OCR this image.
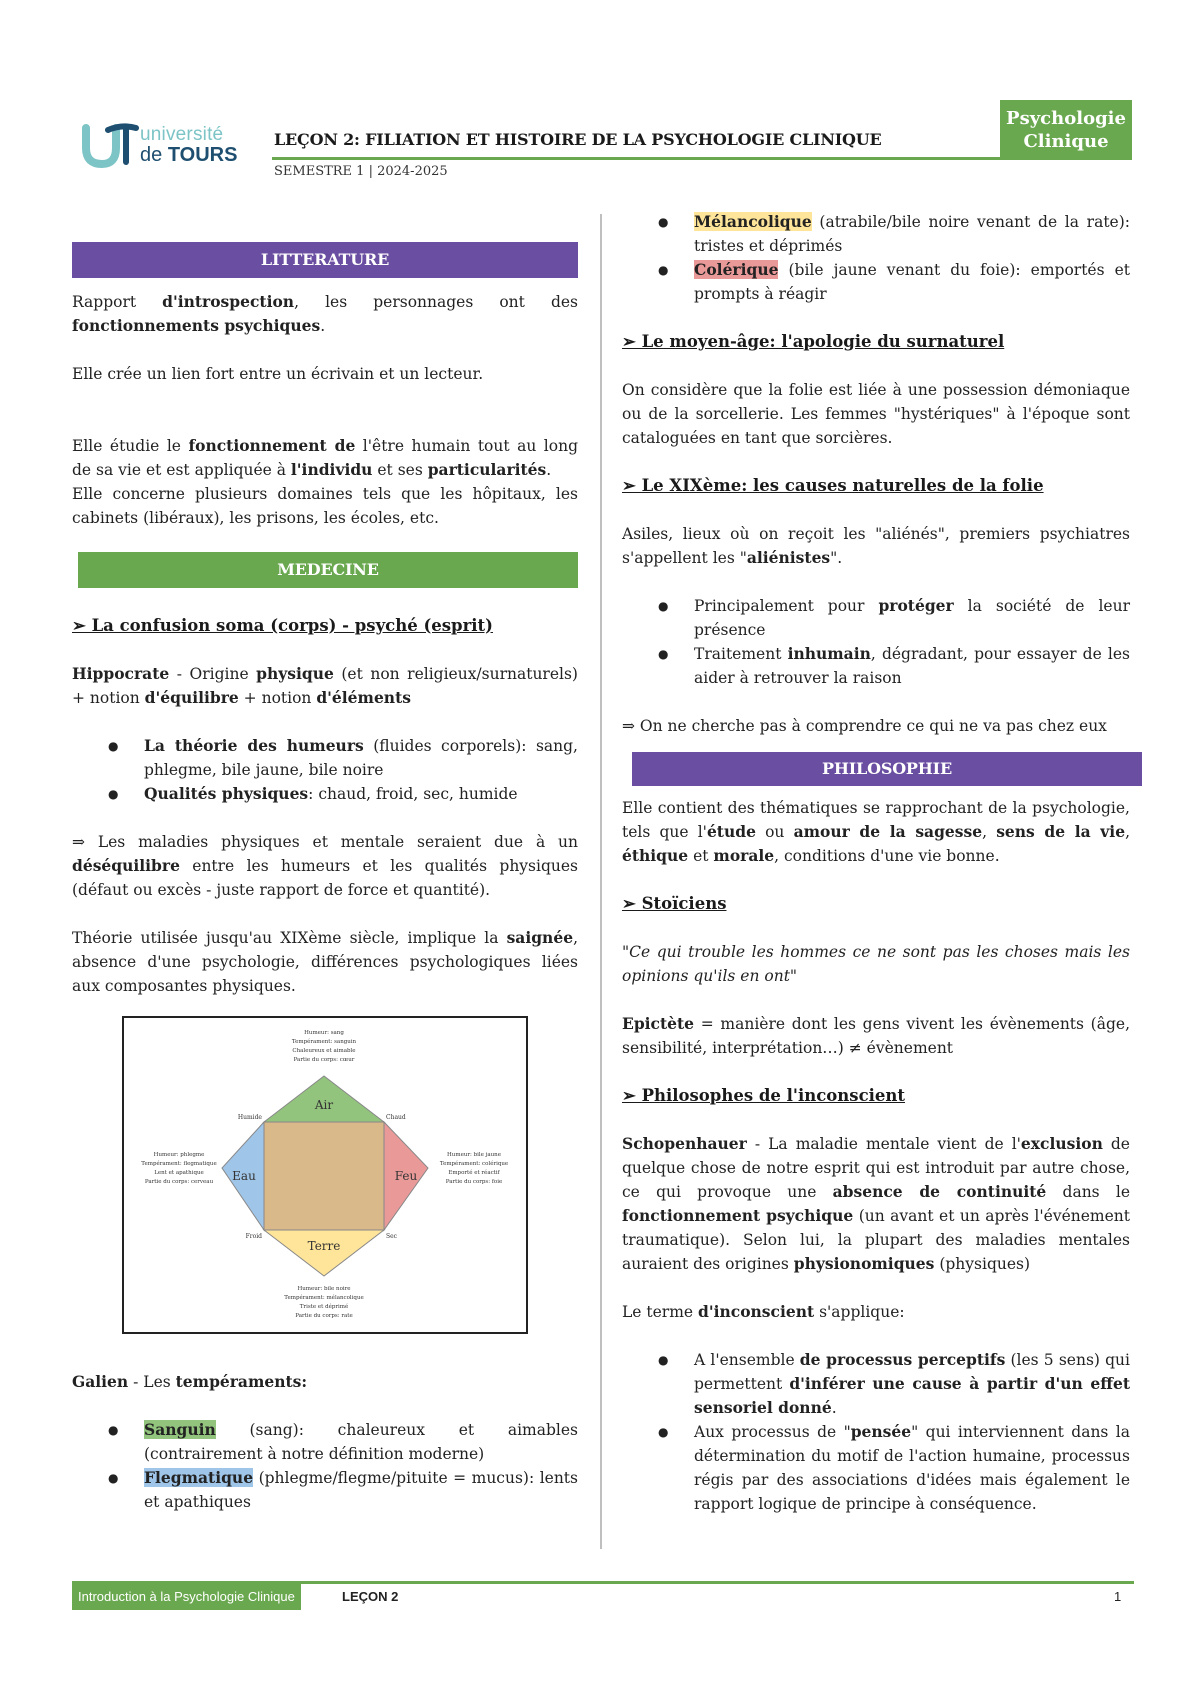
université
de TOURS
LEÇON 2: FILIATION ET HISTOIRE DE LA PSYCHOLOGIE CLINIQUE
SEMESTRE 1 | 2024-2025
Psychologie
Clinique
LITTERATURE

Rapport d'introspection, les personnages ont des fonctionnements psychiques.

Elle crée un lien fort entre un écrivain et un lecteur.

Elle étudie le fonctionnement de l'être humain tout au long de sa vie et est appliquée à l'individu et ses particularités.

Elle concerne plusieurs domaines tels que les hôpitaux, les cabinets (libéraux), les prisons, les écoles, etc.

MEDECINE
➢ La confusion soma (corps) - psyché (esprit)

Hippocrate - Origine physique (et non religieux/surnaturels) + notion d'équilibre + notion d'éléments

● La théorie des humeurs (fluides corporels): sang, phlegme, bile jaune, bile noire
● Qualités physiques: chaud, froid, sec, humide

⇒ Les maladies physiques et mentale seraient due à un déséquilibre entre les humeurs et les qualités physiques (défaut ou excès - juste rapport de force et quantité).

Théorie utilisée jusqu'au XIXème siècle, implique la saignée, absence d'une psychologie, différences psychologiques liées aux composantes physiques.

Air
Eau	Feu
Terre
Humide	Chaud
Froid	Sec
Humeur: sang
Tempérament: sanguin
Chaleureux et aimable
Partie du corps: cœur
Humeur: phlegme
Tempérament: flegmatique
Lent et apathique
Partie du corps: cerveau
Humeur: bile jaune
Tempérament: colérique
Emporté et réactif
Partie du corps: foie
Humeur: bile noire
Tempérament: mélancolique
Triste et déprimé
Partie du corps: rate

Galien - Les tempéraments:

● Sanguin (sang): chaleureux et aimables (contrairement à notre définition moderne)
● Flegmatique (phlegme/flegme/pituite = mucus): lents et apathiques
● Mélancolique (atrabile/bile noire venant de la rate): tristes et déprimés
● Colérique (bile jaune venant du foie): emportés et prompts à réagir
➢ Le moyen-âge: l'apologie du surnaturel

On considère que la folie est liée à une possession démoniaque ou de la sorcellerie. Les femmes "hystériques" à l'époque sont cataloguées en tant que sorcières.

➢ Le XIXème: les causes naturelles de la folie

Asiles, lieux où on reçoit les "aliénés", premiers psychiatres s'appellent les "aliénistes".

● Principalement pour protéger la société de leur présence
● Traitement inhumain, dégradant, pour essayer de les aider à retrouver la raison

⇒ On ne cherche pas à comprendre ce qui ne va pas chez eux

PHILOSOPHIE

Elle contient des thématiques se rapprochant de la psychologie, tels que l'étude ou amour de la sagesse, sens de la vie, éthique et morale, conditions d'une vie bonne.

➢ Stoïciens

"Ce qui trouble les hommes ce ne sont pas les choses mais les opinions qu'ils en ont"

Epictète = manière dont les gens vivent les évènements (âge, sensibilité, interprétation…) ≠ évènement

➢ Philosophes de l'inconscient

Schopenhauer - La maladie mentale vient de l'exclusion de quelque chose de notre esprit qui est introduit par autre chose, ce qui provoque une absence de continuité dans le fonctionnement psychique (un avant et un après l'événement traumatique). Selon lui, la plupart des maladies mentales auraient des origines physionomiques (physiques)

Le terme d'inconscient s'applique:

● A l'ensemble de processus perceptifs (les 5 sens) qui permettent d'inférer une cause à partir d'un effet sensoriel donné.
● Aux processus de "pensée" qui interviennent dans la détermination du motif de l'action humaine, processus régis par des associations d'idées mais également le rapport logique de principe à conséquence.
Introduction à la Psychologie Clinique	LEÇON 2	1
